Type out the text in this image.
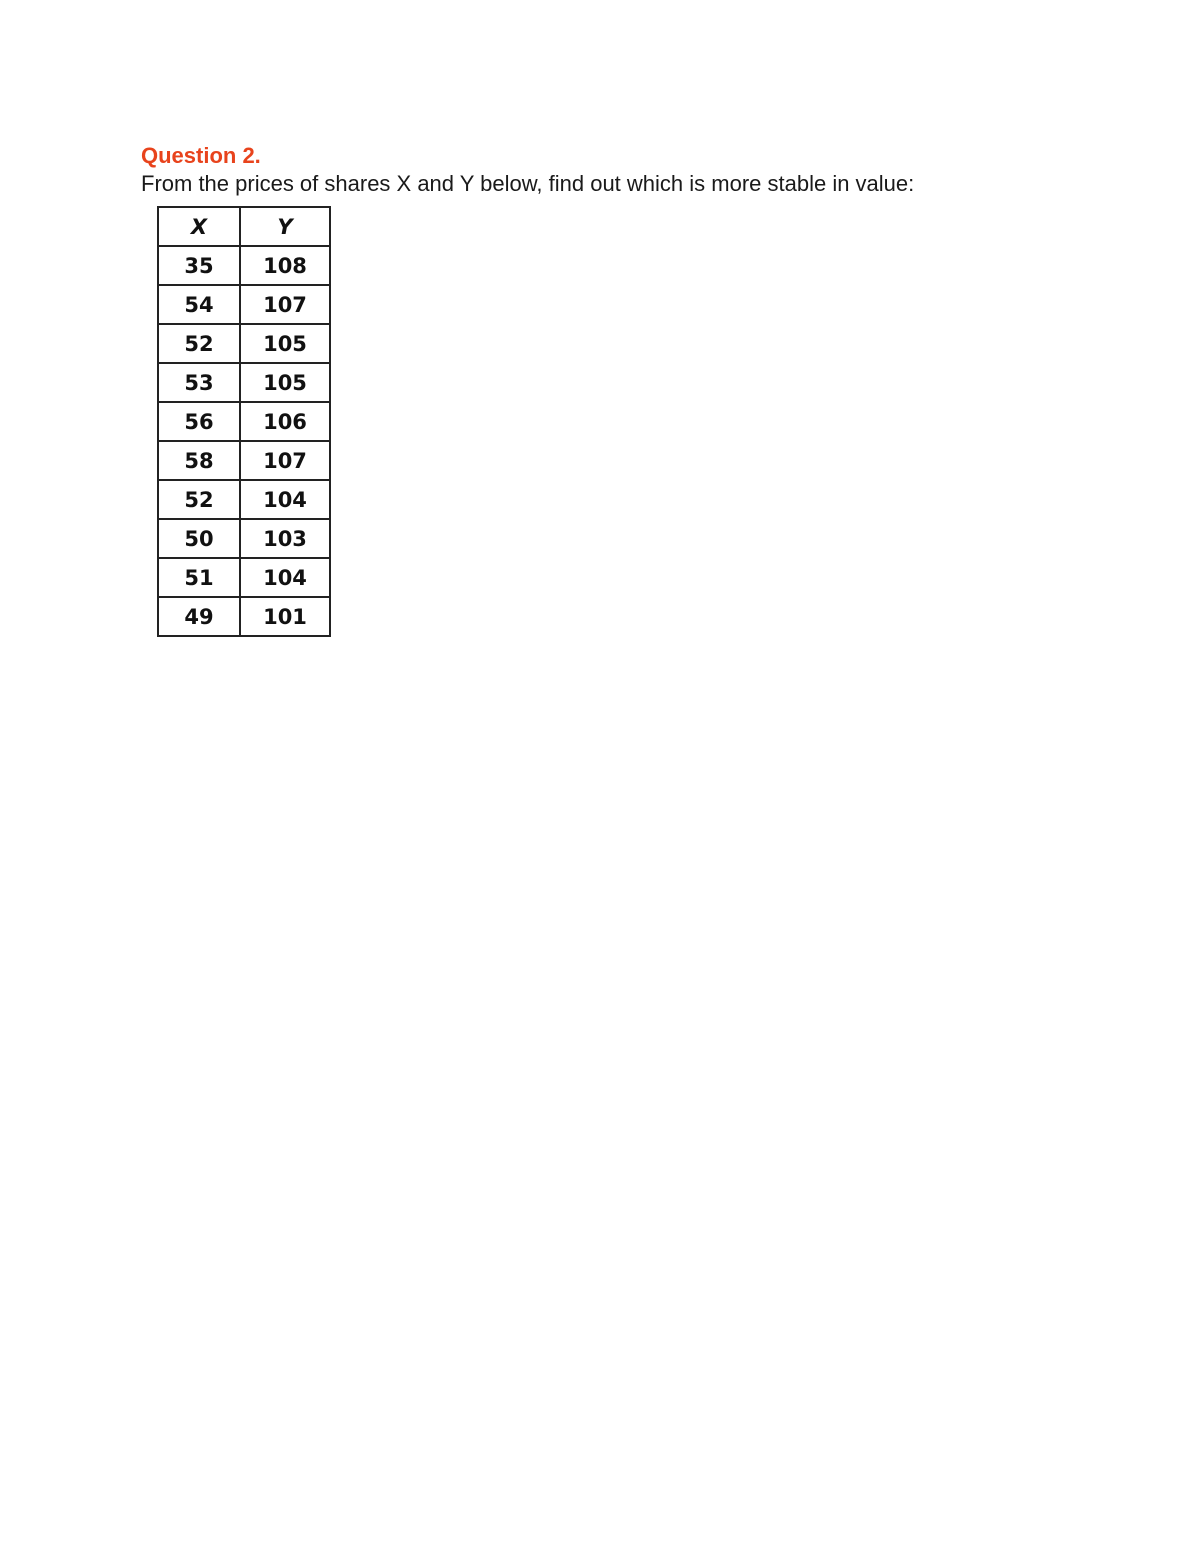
Question 2.
From the prices of shares X and Y below, find out which is more stable in value:
X	Y
35	108
54	107
52	105
53	105
56	106
58	107
52	104
50	103
51	104
49	101
